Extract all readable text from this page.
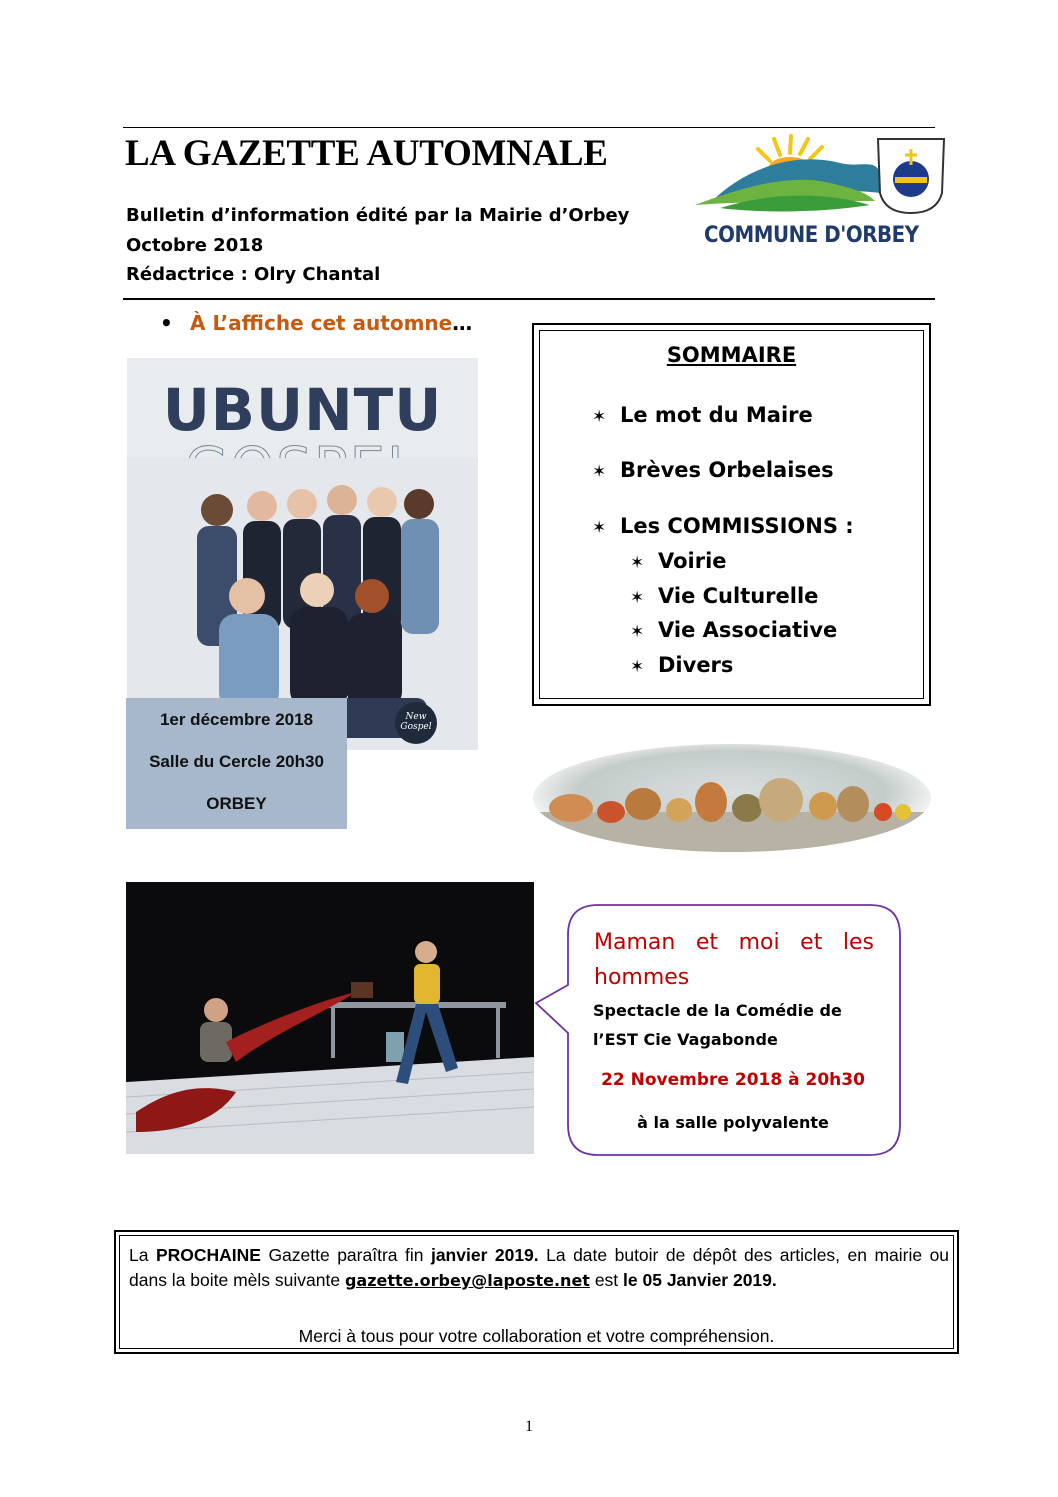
LA GAZETTE AUTOMNALE
Bulletin d’information édité par la Mairie d’Orbey
Octobre 2018
Rédactrice : Olry Chantal
COMMUNE D'ORBEY
• À L’affiche cet automne…
UBUNTU
New Gospel
1er décembre 2018
Salle du Cercle 20h30
ORBEY
SOMMAIRE
✶ Le mot du Maire
✶ Brèves Orbelaises
✶ Les COMMISSIONS :
✶ Voirie
✶ Vie Culturelle
✶ Vie Associative
✶ Divers
Maman et moi et les
hommes
Spectacle de la Comédie de
l’EST Cie Vagabonde
22 Novembre 2018 à 20h30
à la salle polyvalente
La PROCHAINE Gazette paraîtra fin janvier 2019. La date butoir de dépôt des articles, en mairie ou dans la boite mèls suivante gazette.orbey@laposte.net est le 05 Janvier 2019.
Merci à tous pour votre collaboration et votre compréhension.
1
